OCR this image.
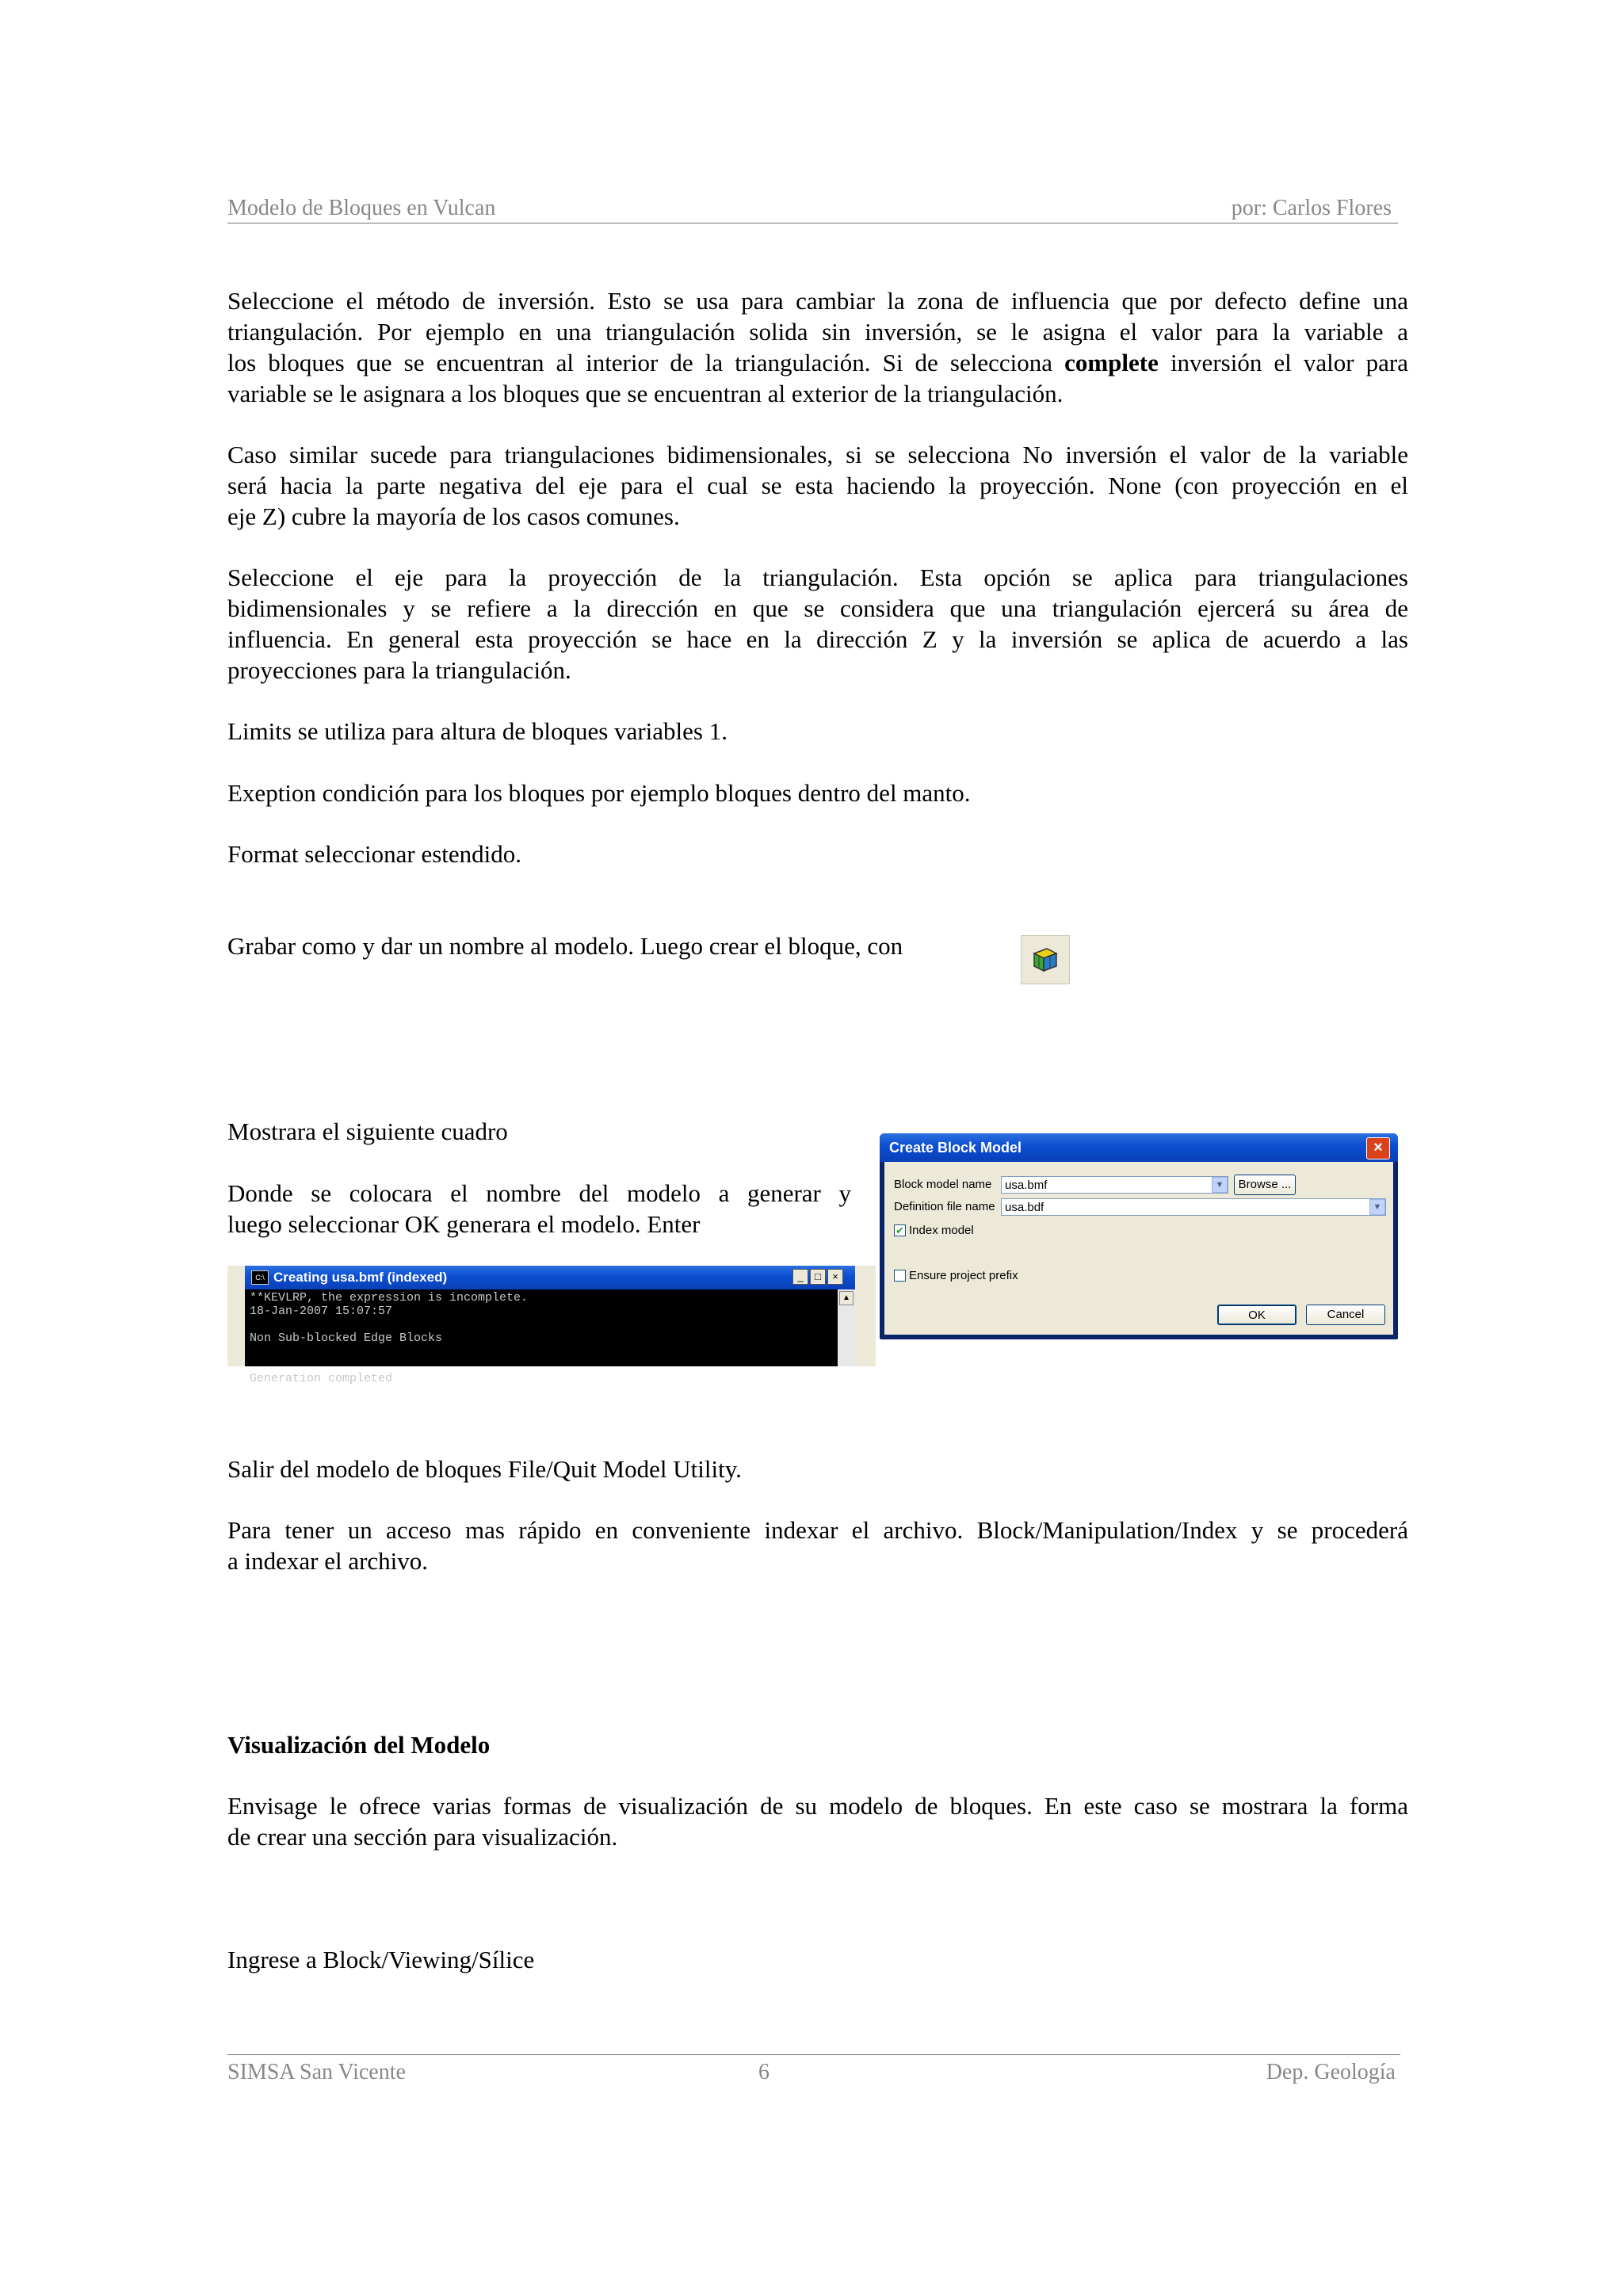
Modelo de Bloques en Vulcan	por: Carlos Flores
Seleccione el método de inversión. Esto se usa para cambiar la zona de influencia que por defecto define una
triangulación. Por ejemplo en una triangulación solida sin inversión, se le asigna el valor para la variable a
los bloques que se encuentran al interior de la triangulación. Si de selecciona complete inversión el valor para
variable se le asignara a los bloques que se encuentran al exterior de la triangulación.
Caso similar sucede para triangulaciones bidimensionales, si se selecciona No inversión el valor de la variable
será hacia la parte negativa del eje para el cual se esta haciendo la proyección. None (con proyección en el
eje Z) cubre la mayoría de los casos comunes.
Seleccione el eje para la proyección de la triangulación. Esta opción se aplica para triangulaciones
bidimensionales y se refiere a la dirección en que se considera que una triangulación ejercerá su área de
influencia. En general esta proyección se hace en la dirección Z y la inversión se aplica de acuerdo a las
proyecciones para la triangulación.
Limits se utiliza para altura de bloques variables 1.
Exeption condición para los bloques por ejemplo bloques dentro del manto.
Format seleccionar estendido.
Grabar como y dar un nombre al modelo. Luego crear el bloque, con
Mostrara el siguiente cuadro
Donde se colocara el nombre del modelo a generar y
luego seleccionar OK generara el modelo. Enter
Create Block Model	×
Block model name	usa.bmf	▼	Browse ...
Definition file name usa.bdf	▼
✔ Index model
Ensure project prefix
OK	Cancel
C:\ Creating usa.bmf (indexed)	_	□	×
**KEVLRP, the expression is incomplete.
18-Jan-2007 15:07:57

Non Sub-blocked Edge Blocks

Generation completed
▲
Salir del modelo de bloques File/Quit Model Utility.
Para tener un acceso mas rápido en conveniente indexar el archivo. Block/Manipulation/Index y se procederá
a indexar el archivo.
Visualización del Modelo
Envisage le ofrece varias formas de visualización de su modelo de bloques. En este caso se mostrara la forma
de crear una sección para visualización.
Ingrese a Block/Viewing/Sílice
SIMSA San Vicente	6	Dep. Geología
